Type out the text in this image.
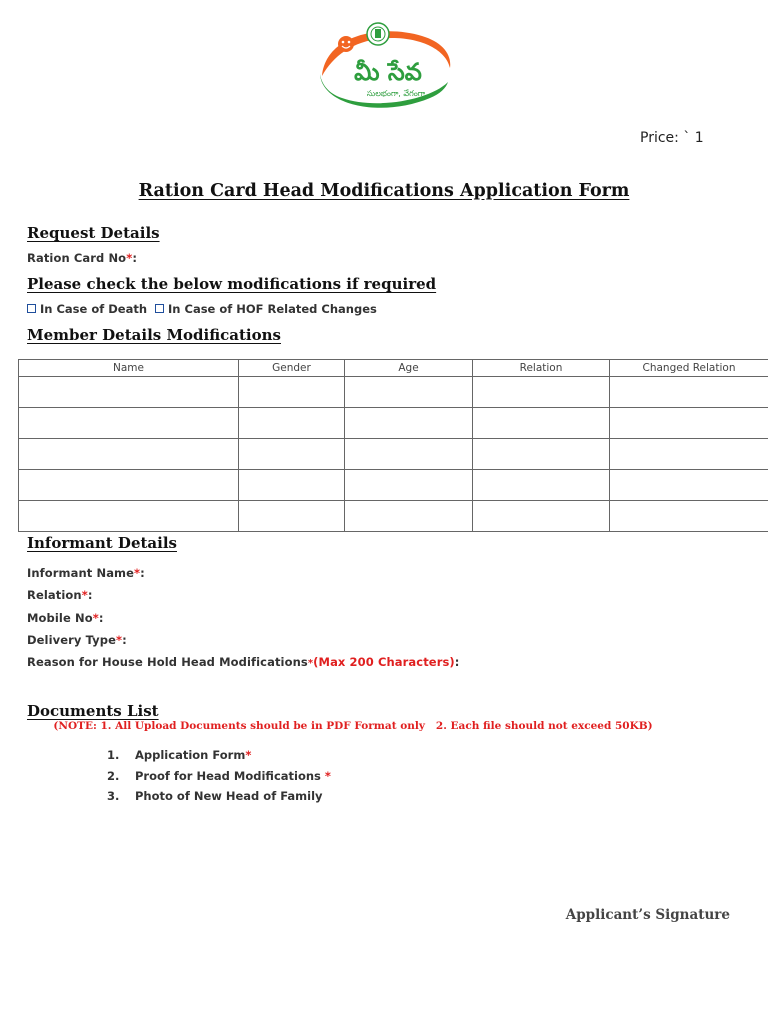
మీ సేవ
సులభంగా, వేగంగా
Price: ` 1
Ration Card Head Modifications Application Form
Request Details
Ration Card No*:
Please check the below modifications if required
In Case of Death In Case of HOF Related Changes
Member Details Modifications
Name	Gender	Age	Relation	Changed Relation

Informant Details
Informant Name*:
Relation*:
Mobile No*:
Delivery Type*:
Reason for House Hold Head Modifications*(Max 200 Characters):
Documents List
(NOTE: 1. All Upload Documents should be in PDF Format only   2. Each file should not exceed 50KB)
1. Application Form*
2. Proof for Head Modifications *
3. Photo of New Head of Family
Applicant’s Signature
